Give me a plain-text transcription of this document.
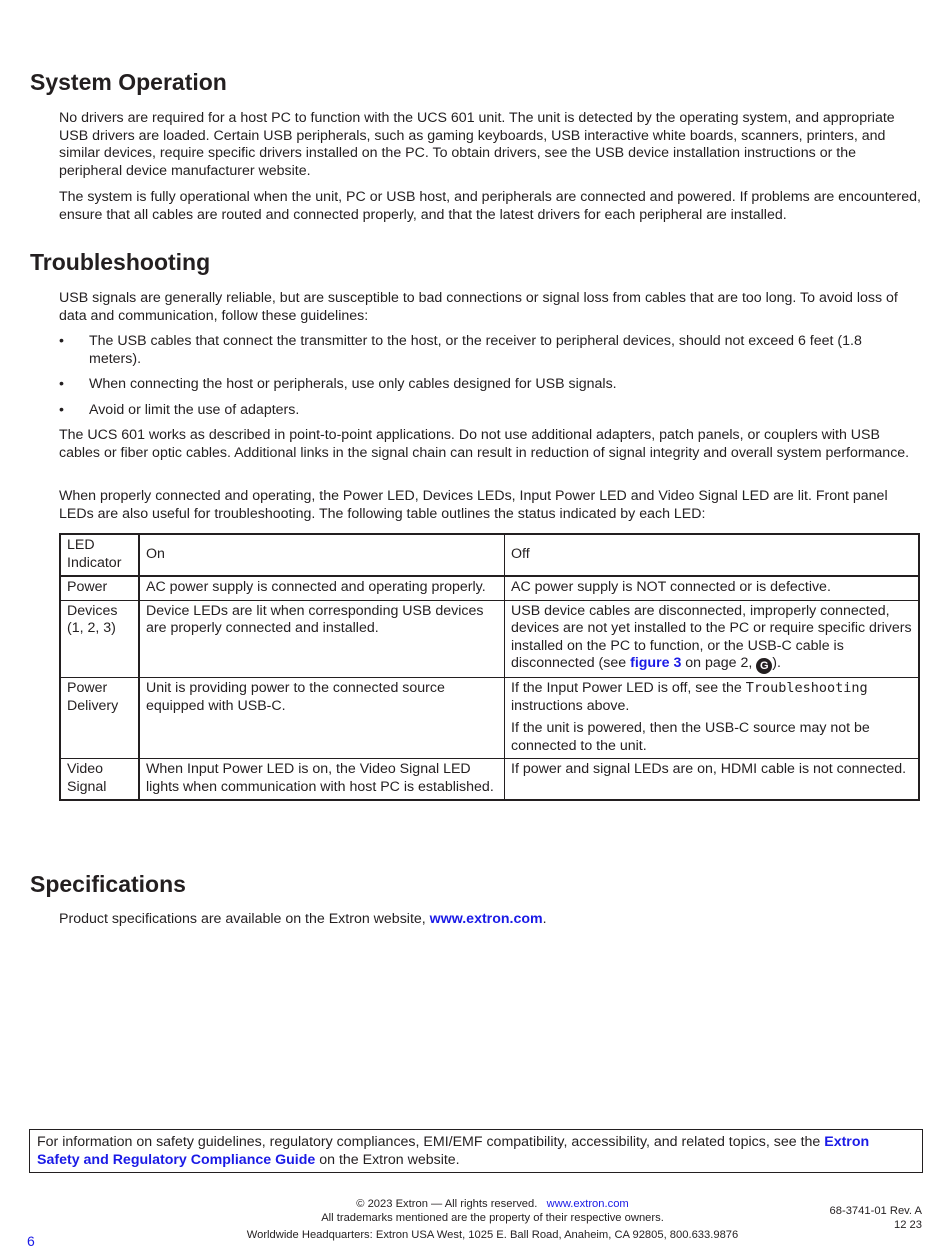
System Operation

No drivers are required for a host PC to function with the UCS 601 unit. The unit is detected by the operating system, and appropriate USB drivers are loaded. Certain USB peripherals, such as gaming keyboards, USB interactive white boards, scanners, printers, and similar devices, require specific drivers installed on the PC. To obtain drivers, see the USB device installation instructions or the peripheral device manufacturer website.

The system is fully operational when the unit, PC or USB host, and peripherals are connected and powered. If problems are encountered, ensure that all cables are routed and connected properly, and that the latest drivers for each peripheral are installed.

Troubleshooting

USB signals are generally reliable, but are susceptible to bad connections or signal loss from cables that are too long. To avoid loss of data and communication, follow these guidelines:

• The USB cables that connect the transmitter to the host, or the receiver to peripheral devices, should not exceed 6 feet (1.8 meters).
• When connecting the host or peripherals, use only cables designed for USB signals.
• Avoid or limit the use of adapters.

The UCS 601 works as described in point-to-point applications. Do not use additional adapters, patch panels, or couplers with USB cables or fiber optic cables. Additional links in the signal chain can result in reduction of signal integrity and overall system performance.

When properly connected and operating, the Power LED, Devices LEDs, Input Power LED and Video Signal LED are lit. Front panel LEDs are also useful for troubleshooting. The following table outlines the status indicated by each LED:

LED Indicator	On	Off
Power	AC power supply is connected and operating properly.	AC power supply is NOT connected or is defective.
Devices (1, 2, 3)	Device LEDs are lit when corresponding USB devices are properly connected and installed.	USB device cables are disconnected, improperly connected, devices are not yet installed to the PC or require specific drivers installed on the PC to function, or the USB-C cable is disconnected (see figure 3 on page 2, G ).
Power Delivery	Unit is providing power to the connected source equipped with USB-C.	If the Input Power LED is off, see the Troubleshooting instructions above.

If the unit is powered, then the USB-C source may not be connected to the unit.

Video Signal	When Input Power LED is on, the Video Signal LED lights when communication with host PC is established.	If power and signal LEDs are on, HDMI cable is not connected.
Specifications

Product specifications are available on the Extron website, www.extron.com.

For information on safety guidelines, regulatory compliances, EMI/EMF compatibility, accessibility, and related topics, see the Extron Safety and Regulatory Compliance Guide on the Extron website.
© 2023 Extron — All rights reserved. www.extron.com
All trademarks mentioned are the property of their respective owners.
Worldwide Headquarters: Extron USA West, 1025 E. Ball Road, Anaheim, CA 92805, 800.633.9876
6
68-3741-01 Rev. A
12 23
